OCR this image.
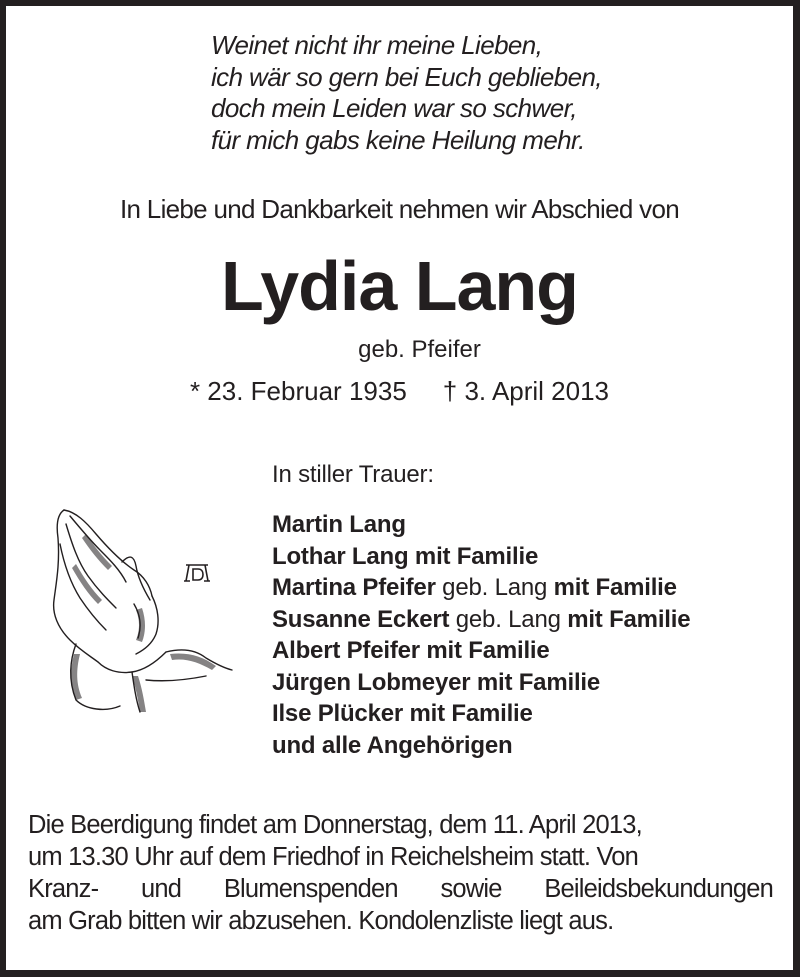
Weinet nicht ihr meine Lieben,
ich wär so gern bei Euch geblieben,
doch mein Leiden war so schwer,
für mich gabs keine Heilung mehr.
In Liebe und Dankbarkeit nehmen wir Abschied von
Lydia Lang
geb. Pfeifer
* 23. Februar 1935 † 3. April 2013
In stiller Trauer:
Martin Lang
Lothar Lang mit Familie
Martina Pfeifer geb. Lang mit Familie
Susanne Eckert geb. Lang mit Familie
Albert Pfeifer mit Familie
Jürgen Lobmeyer mit Familie
Ilse Plücker mit Familie
und alle Angehörigen
Die Beerdigung findet am Donnerstag, dem 11. April 2013,
um 13.30 Uhr auf dem Friedhof in Reichelsheim statt. Von
Kranz- und Blumenspenden sowie Beileidsbekundungen
am Grab bitten wir abzusehen. Kondolenzliste liegt aus.
